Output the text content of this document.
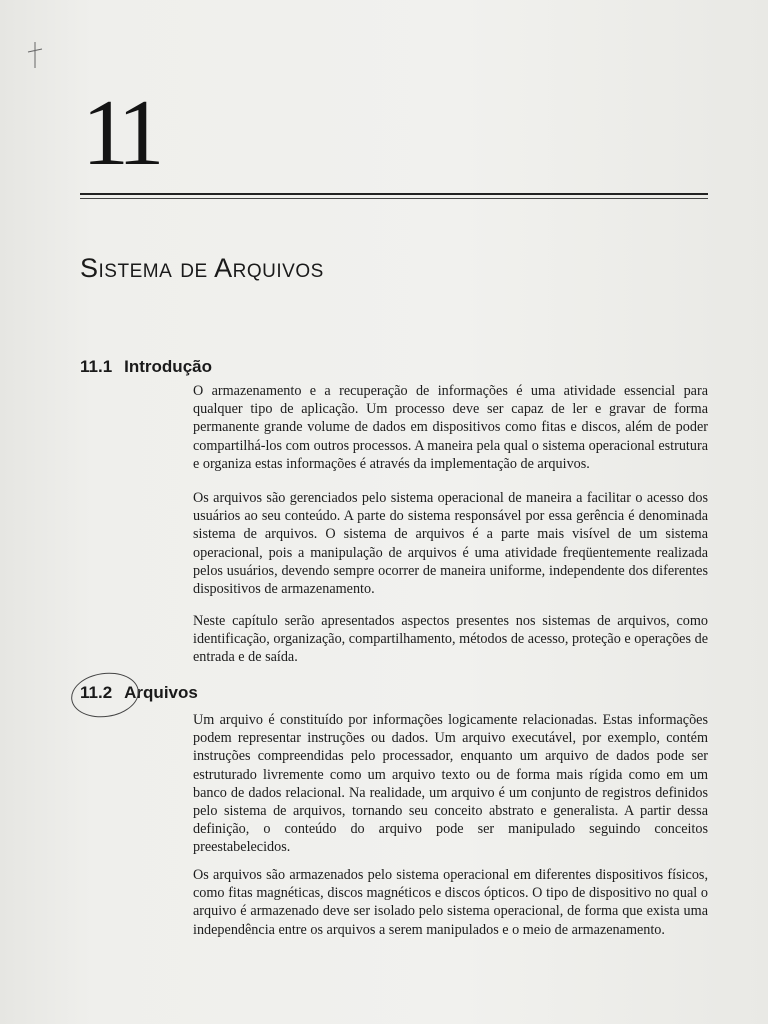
11
Sistema de Arquivos
11.1 Introdução

O armazenamento e a recuperação de informações é uma atividade essencial para qualquer tipo de aplicação. Um processo deve ser capaz de ler e gravar de forma permanente grande volume de dados em dispositivos como fitas e discos, além de poder compartilhá-los com outros processos. A maneira pela qual o sistema operacional estrutura e organiza estas informações é através da implementação de arquivos.

Os arquivos são gerenciados pelo sistema operacional de maneira a facilitar o acesso dos usuários ao seu conteúdo. A parte do sistema responsável por essa gerência é denominada sistema de arquivos. O sistema de arquivos é a parte mais visível de um sistema operacional, pois a manipulação de arquivos é uma atividade freqüentemente realizada pelos usuários, devendo sempre ocorrer de maneira uniforme, independente dos diferentes dispositivos de armazenamento.

Neste capítulo serão apresentados aspectos presentes nos sistemas de arquivos, como identificação, organização, compartilhamento, métodos de acesso, proteção e operações de entrada e de saída.

11.2 Arquivos

Um arquivo é constituído por informações logicamente relacionadas. Estas informações podem representar instruções ou dados. Um arquivo executável, por exemplo, contém instruções compreendidas pelo processador, enquanto um arquivo de dados pode ser estruturado livremente como um arquivo texto ou de forma mais rígida como em um banco de dados relacional. Na realidade, um arquivo é um conjunto de registros definidos pelo sistema de arquivos, tornando seu conceito abstrato e generalista. A partir dessa definição, o conteúdo do arquivo pode ser manipulado seguindo conceitos preestabelecidos.

Os arquivos são armazenados pelo sistema operacional em diferentes dispositivos físicos, como fitas magnéticas, discos magnéticos e discos ópticos. O tipo de dispositivo no qual o arquivo é armazenado deve ser isolado pelo sistema operacional, de forma que exista uma independência entre os arquivos a serem manipulados e o meio de armazenamento.
